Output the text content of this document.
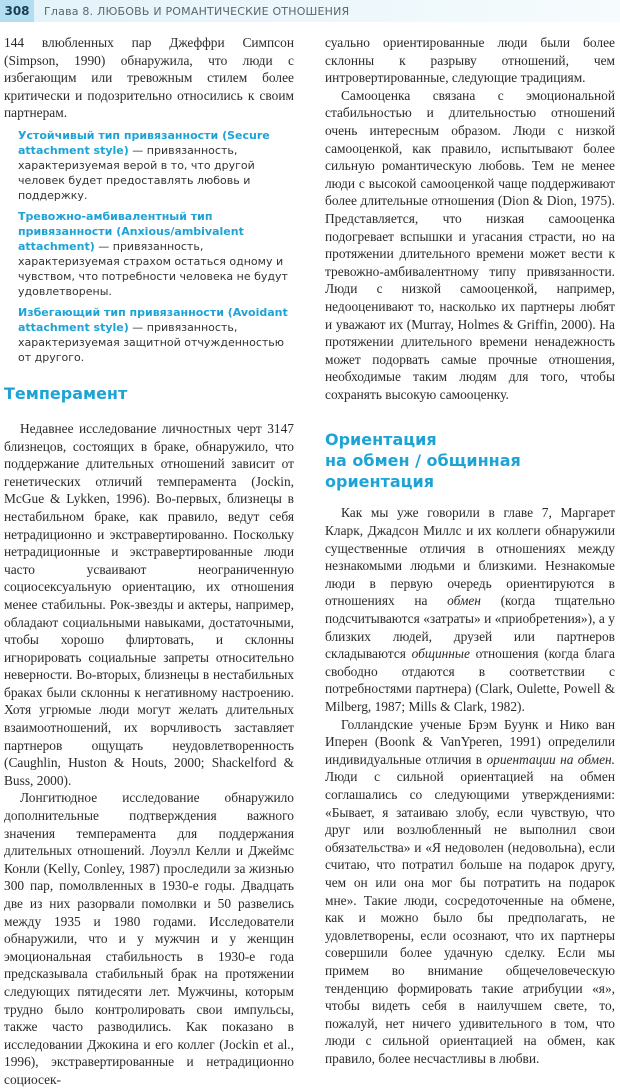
308	Глава 8. ЛЮБОВЬ И РОМАНТИЧЕСКИЕ ОТНОШЕНИЯ

144 влюбленных пар Джеффри Симпсон (Simpson, 1990) обнаружила, что люди с избегающим или тревожным стилем более критически и подозрительно относились к своим партнерам.

Устойчивый тип привязанности (Secure attachment style) — привязанность, характеризуемая верой в то, что другой человек будет предоставлять любовь и поддержку.
Тревожно-амбивалентный тип привязанности (Anxious/ambivalent attachment) — привязанность, характеризуемая страхом остаться одному и чувством, что потребности человека не будут удовлетворены.
Избегающий тип привязанности (Avoidant attachment style) — привязанность, характеризуемая защитной отчужденностью от другого.
Темперамент

Недавнее исследование личностных черт 3147 близнецов, состоящих в браке, обнаружило, что поддержание длительных отношений зависит от генетических отличий темперамента (Jockin, McGue & Lykken, 1996). Во-первых, близнецы в нестабильном браке, как правило, ведут себя нетрадиционно и экстравертированно. Поскольку нетрадиционные и экстравертированные люди часто усваивают неограниченную социосексуальную ориентацию, их отношения менее стабильны. Рок-звезды и актеры, например, обладают социальными навыками, достаточными, чтобы хорошо флиртовать, и склонны игнорировать социальные запреты относительно неверности. Во-вторых, близнецы в нестабильных браках были склонны к негативному настроению. Хотя угрюмые люди могут желать длительных взаимоотношений, их ворчливость заставляет партнеров ощущать неудовлетворенность (Caughlin, Huston & Houts, 2000; Shackelford & Buss, 2000).

Лонгитюдное исследование обнаружило дополнительные подтверждения важного значения темперамента для поддержания длительных отношений. Лоуэлл Келли и Джеймс Конли (Kelly, Conley, 1987) проследили за жизнью 300 пар, помолвленных в 1930-е годы. Двадцать две из них разорвали помолвки и 50 развелись между 1935 и 1980 годами. Исследователи обнаружили, что и у мужчин и у женщин эмоциональная стабильность в 1930-е года предсказывала стабильный брак на протяжении следующих пятидесяти лет. Мужчины, которым трудно было контролировать свои импульсы, также часто разводились. Как показано в исследовании Джокина и его коллег (Jockin et al., 1996), экстравертированные и нетрадиционно социосек-

суально ориентированные люди были более склонны к разрыву отношений, чем интровертированные, следующие традициям.

Самооценка связана с эмоциональной стабильностью и длительностью отношений очень интересным образом. Люди с низкой самооценкой, как правило, испытывают более сильную романтическую любовь. Тем не менее люди с высокой самооценкой чаще поддерживают более длительные отношения (Dion & Dion, 1975). Представляется, что низкая самооценка подогревает вспышки и угасания страсти, но на протяжении длительного времени может вести к тревожно-амбивалентному типу привязанности. Люди с низкой самооценкой, например, недооценивают то, насколько их партнеры любят и уважают их (Murray, Holmes & Griffin, 2000). На протяжении длительного времени ненадежность может подорвать самые прочные отношения, необходимые таким людям для того, чтобы сохранять высокую самооценку.

Ориентация
на обмен / общинная ориентация

Как мы уже говорили в главе 7, Маргарет Кларк, Джадсон Миллс и их коллеги обнаружили существенные отличия в отношениях между незнакомыми людьми и близкими. Незнакомые люди в первую очередь ориентируются в отношениях на обмен (когда тщательно подсчитываются «затраты» и «приобретения»), а у близких людей, друзей или партнеров складываются общинные отношения (когда блага свободно отдаются в соответствии с потребностями партнера) (Clark, Oulette, Powell & Milberg, 1987; Mills & Clark, 1982).

Голландские ученые Брэм Буунк и Нико ван Иперен (Boonk & VanYperen, 1991) определили индивидуальные отличия в ориентации на обмен. Люди с сильной ориентацией на обмен соглашались со следующими утверждениями: «Бывает, я затаиваю злобу, если чувствую, что друг или возлюбленный не выполнил свои обязательства» и «Я недоволен (недовольна), если считаю, что потратил больше на подарок другу, чем он или она мог бы потратить на подарок мне». Такие люди, сосредоточенные на обмене, как и можно было бы предполагать, не удовлетворены, если осознают, что их партнеры совершили более удачную сделку. Если мы примем во внимание общечеловеческую тенденцию формировать такие атрибуции «я», чтобы видеть себя в наилучшем свете, то, пожалуй, нет ничего удивительного в том, что люди с сильной ориентацией на обмен, как правило, более несчастливы в любви.
